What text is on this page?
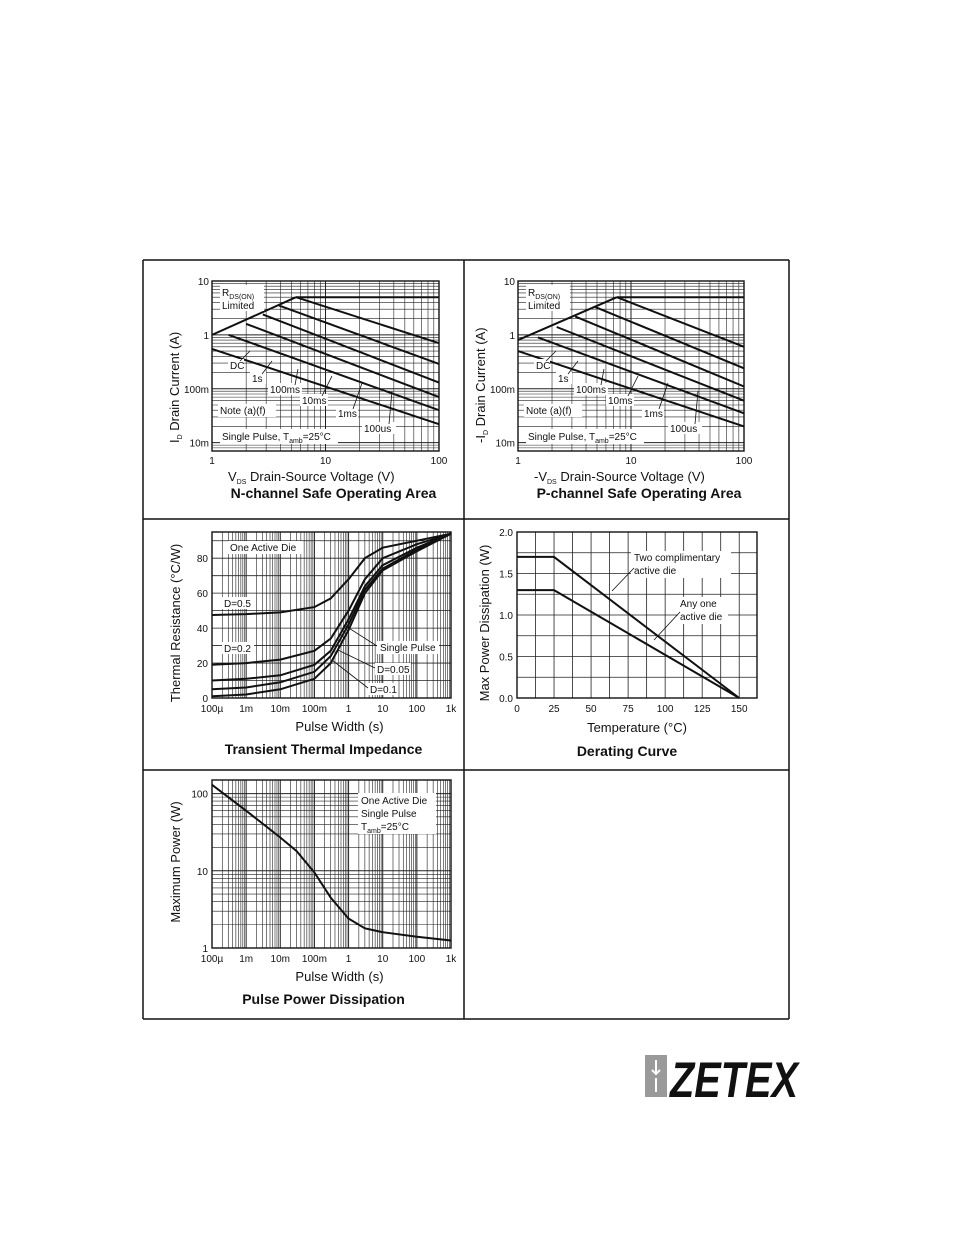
1	10	100
10m
100m
1
10
$V_{DS}$ Drain-Source Voltage (V)
$I_D$ Drain Current (A)
N-channel Safe Operating Area
$R_{DS(ON)}$
Limited
DC
1s
100ms
10ms
1ms
100us
Note (a)(f)
Single Pulse, $T_{amb}=25^\circ C$
1	10	100
10m
100m
1
10
$-V_{DS}$ Drain-Source Voltage (V)
$-I_D$ Drain Current (A)
P-channel Safe Operating Area
$R_{DS(ON)}$
Limited
DC
1s
100ms
10ms
1ms
100us
Note (a)(f)
Single Pulse, $T_{amb}=25^\circ C$
100µ 1m 10m 100m 1	10 100 1k
0
20
40
60
80
Pulse Width (s)
Thermal Resistance (°C/W)
Transient Thermal Impedance
One Active Die
D=0.5
D=0.2	Single Pulse
D=0.05
D=0.1
0	25	50	75 100 125 150
0.0
0.5
1.0
1.5
2.0
Temperature (°C)
Max Power Dissipation (W)
Derating Curve
Two complimentary
active die
Any one
active die
100µ 1m 10m 100m 1	10 100 1k
1
10
100
Pulse Width (s)
Maximum Power (W)
Pulse Power Dissipation
One Active Die
Single Pulse
$T_{amb}=25^\circ C$
ZETEX
